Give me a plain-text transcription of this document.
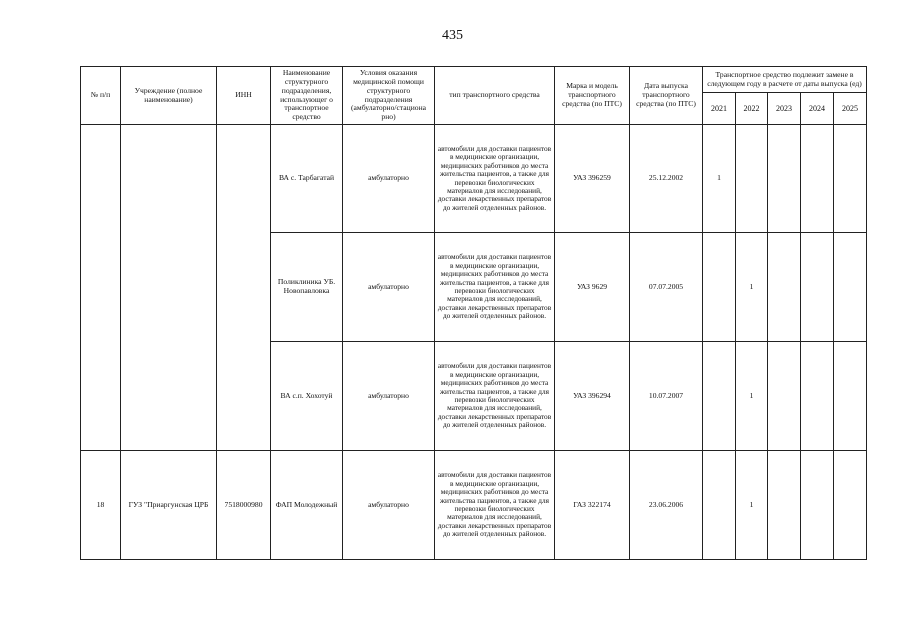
435
№ п/п	Учреждение (полное наименование)	ИНН	Наименование структурного подразделения, использующег о транспортное средство	Условия оказания медицинской помощи структурного подразделения (амбулаторно/стациона рно)	тип транспортного средства	Марка и модель транспортного средства (по ПТС)	Дата выпуска транспортного средства (по ПТС)	Транспортное средство подлежит замене в следующем году в расчете от даты выпуска (ед)				
								2021	2022	2023	2024	2025
			ВА с. Тарбагатай	амбулаторно	автомобили для доставки пациентов в медицинские организации, медицинских работников до места жительства пациентов, а также для перевозки биологических материалов для исследований, доставки лекарственных препаратов до жителей отделенных районов.	УАЗ 396259	25.12.2002	1				
			Поликлиника УБ. Новопавловка	амбулаторно	автомобили для доставки пациентов в медицинские организации, медицинских работников до места жительства пациентов, а также для перевозки биологических материалов для исследований, доставки лекарственных препаратов до жителей отделенных районов.	УАЗ 9629	07.07.2005		1			
			ВА с.п. Хохотуй	амбулаторно	автомобили для доставки пациентов в медицинские организации, медицинских работников до места жительства пациентов, а также для перевозки биологических материалов для исследований, доставки лекарственных препаратов до жителей отделенных районов.	УАЗ 396294	10.07.2007		1			
18	ГУЗ "Приаргунская ЦРБ	7518000980	ФАП Молодежный	амбулаторно	автомобили для доставки пациентов в медицинские организации, медицинских работников до места жительства пациентов, а также для перевозки биологических материалов для исследований, доставки лекарственных препаратов до жителей отделенных районов.	ГАЗ 322174	23.06.2006		1			
